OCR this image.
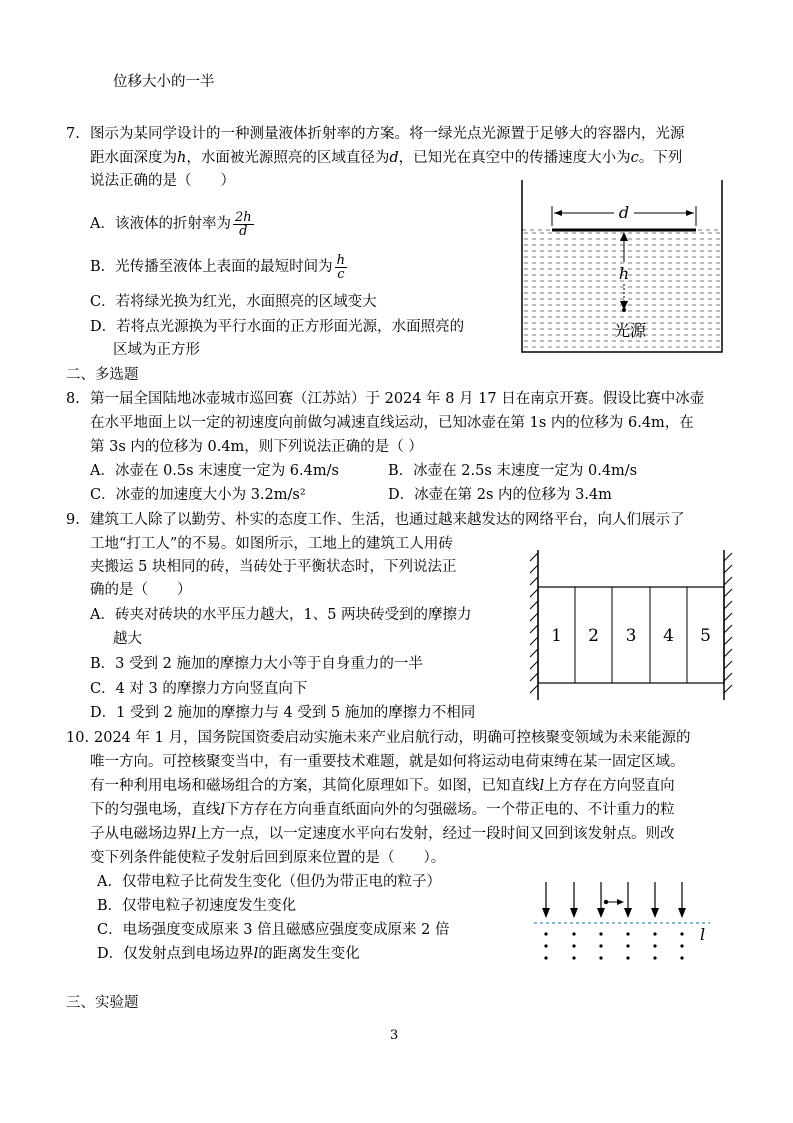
位移大小的一半
7. 图示为某同学设计的一种测量液体折射率的方案。将一绿光点光源置于足够大的容器内，光源
距水面深度为h，水面被光源照亮的区域直径为d，已知光在真空中的传播速度大小为c。下列
说法正确的是（　　）
A．该液体的折射率为 $\frac{2h}{d}$
B．光传播至液体上表面的最短时间为 $\frac{h}{c}$
C．若将绿光换为红光，水面照亮的区域变大
D．若将点光源换为平行水面的正方形面光源，水面照亮的
区域为正方形
d
h
光源
二、多选题
8. 第一届全国陆地冰壶城市巡回赛（江苏站）于 2024 年 8 月 17 日在南京开赛。假设比赛中冰壶
在水平地面上以一定的初速度向前做匀减速直线运动，已知冰壶在第 1s 内的位移为 6.4m，在
第 3s 内的位移为 0.4m，则下列说法正确的是（ ）
A．冰壶在 0.5s 末速度一定为 6.4m/s	B．冰壶在 2.5s 末速度一定为 0.4m/s
C．冰壶的加速度大小为 3.2m/s²	D．冰壶在第 2s 内的位移为 3.4m
9. 建筑工人除了以勤劳、朴实的态度工作、生活，也通过越来越发达的网络平台，向人们展示了
工地“打工人”的不易。如图所示，工地上的建筑工人用砖
夹搬运 5 块相同的砖，当砖处于平衡状态时，下列说法正
确的是（　　）
A．砖夹对砖块的水平压力越大，1、5 两块砖受到的摩擦力
越大
B．3 受到 2 施加的摩擦力大小等于自身重力的一半
C．4 对 3 的摩擦力方向竖直向下
D．1 受到 2 施加的摩擦力与 4 受到 5 施加的摩擦力不相同
1 2 3 4 5
10. 2024 年 1 月，国务院国资委启动实施未来产业启航行动，明确可控核聚变领域为未来能源的
唯一方向。可控核聚变当中，有一重要技术难题，就是如何将运动电荷束缚在某一固定区域。
有一种利用电场和磁场组合的方案，其简化原理如下。如图，已知直线l上方存在方向竖直向
下的匀强电场，直线l下方存在方向垂直纸面向外的匀强磁场。一个带正电的、不计重力的粒
子从电磁场边界l上方一点，以一定速度水平向右发射，经过一段时间又回到该发射点。则改
变下列条件能使粒子发射后回到原来位置的是（　　）。
A．仅带电粒子比荷发生变化（但仍为带正电的粒子）
B．仅带电粒子初速度发生变化
C．电场强度变成原来 3 倍且磁感应强度变成原来 2 倍
D．仅发射点到电场边界l的距离发生变化
l
三、实验题
3
